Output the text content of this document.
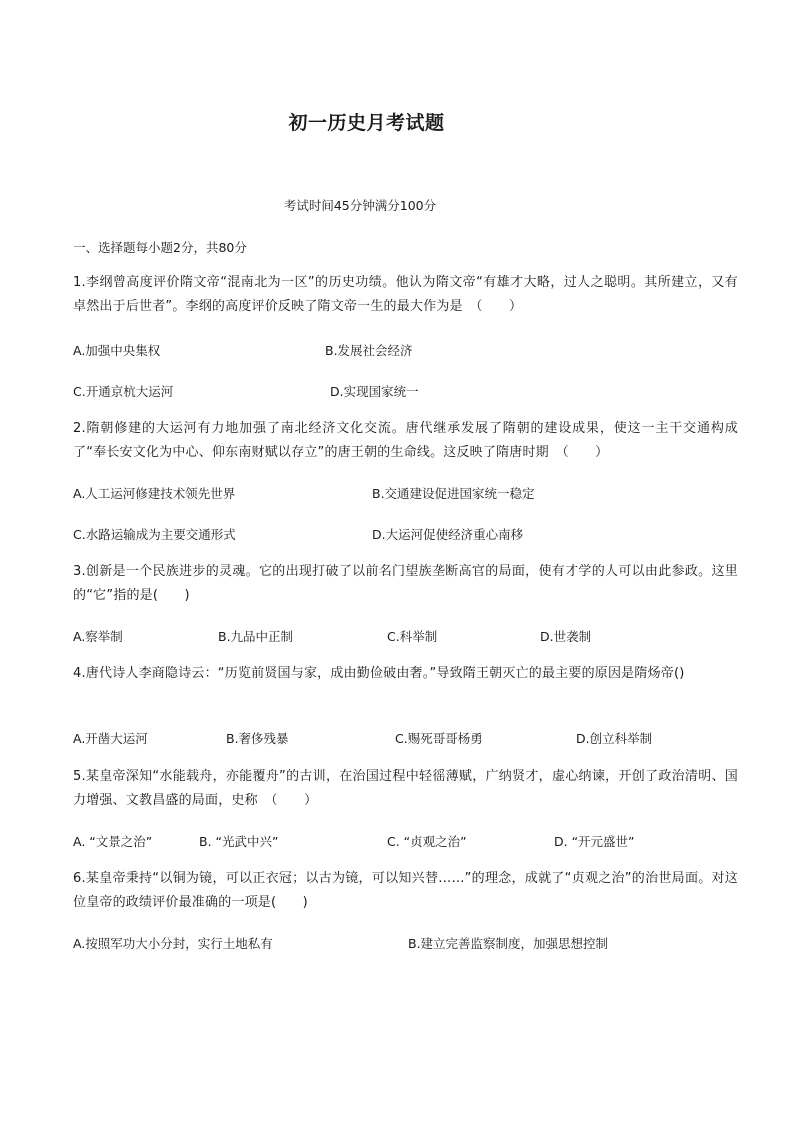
初一历史月考试题
考试时间45分钟满分100分
一、选择题每小题2分，共80分
1.李纲曾高度评价隋文帝“混南北为一区”的历史功绩。他认为隋文帝“有雄才大略，过人之聪明。其所建立，又有卓然出于后世者”。李纲的高度评价反映了隋文帝一生的最大作为是　（　　）
A.加强中央集权	B.发展社会经济
C.开通京杭大运河	D.实现国家统一
2.隋朝修建的大运河有力地加强了南北经济文化交流。唐代继承发展了隋朝的建设成果，使这一主干交通构成了“奉长安文化为中心、仰东南财赋以存立”的唐王朝的生命线。这反映了隋唐时期　（　　）
A.人工运河修建技术领先世界	B.交通建设促进国家统一稳定
C.水路运输成为主要交通形式	D.大运河促使经济重心南移
3.创新是一个民族进步的灵魂。它的出现打破了以前名门望族垄断高官的局面，使有才学的人可以由此参政。这里的“它”指的是(　　)
A.察举制	B.九品中正制	C.科举制	D.世袭制
4.唐代诗人李商隐诗云：“历览前贤国与家，成由勤俭破由奢。”导致隋王朝灭亡的最主要的原因是隋炀帝()
A.开凿大运河	B.奢侈残暴	C.赐死哥哥杨勇	D.创立科举制
5.某皇帝深知“水能载舟，亦能覆舟”的古训，在治国过程中轻徭薄赋，广纳贤才，虚心纳谏，开创了政治清明、国力增强、文教昌盛的局面，史称　（　　）
A. “文景之治”	B. “光武中兴”	C. “贞观之治”	D. “开元盛世”
6.某皇帝秉持“以铜为镜，可以正衣冠；以古为镜，可以知兴替……”的理念，成就了“贞观之治”的治世局面。对这位皇帝的政绩评价最准确的一项是(　　)
A.按照军功大小分封，实行土地私有	B.建立完善监察制度，加强思想控制
